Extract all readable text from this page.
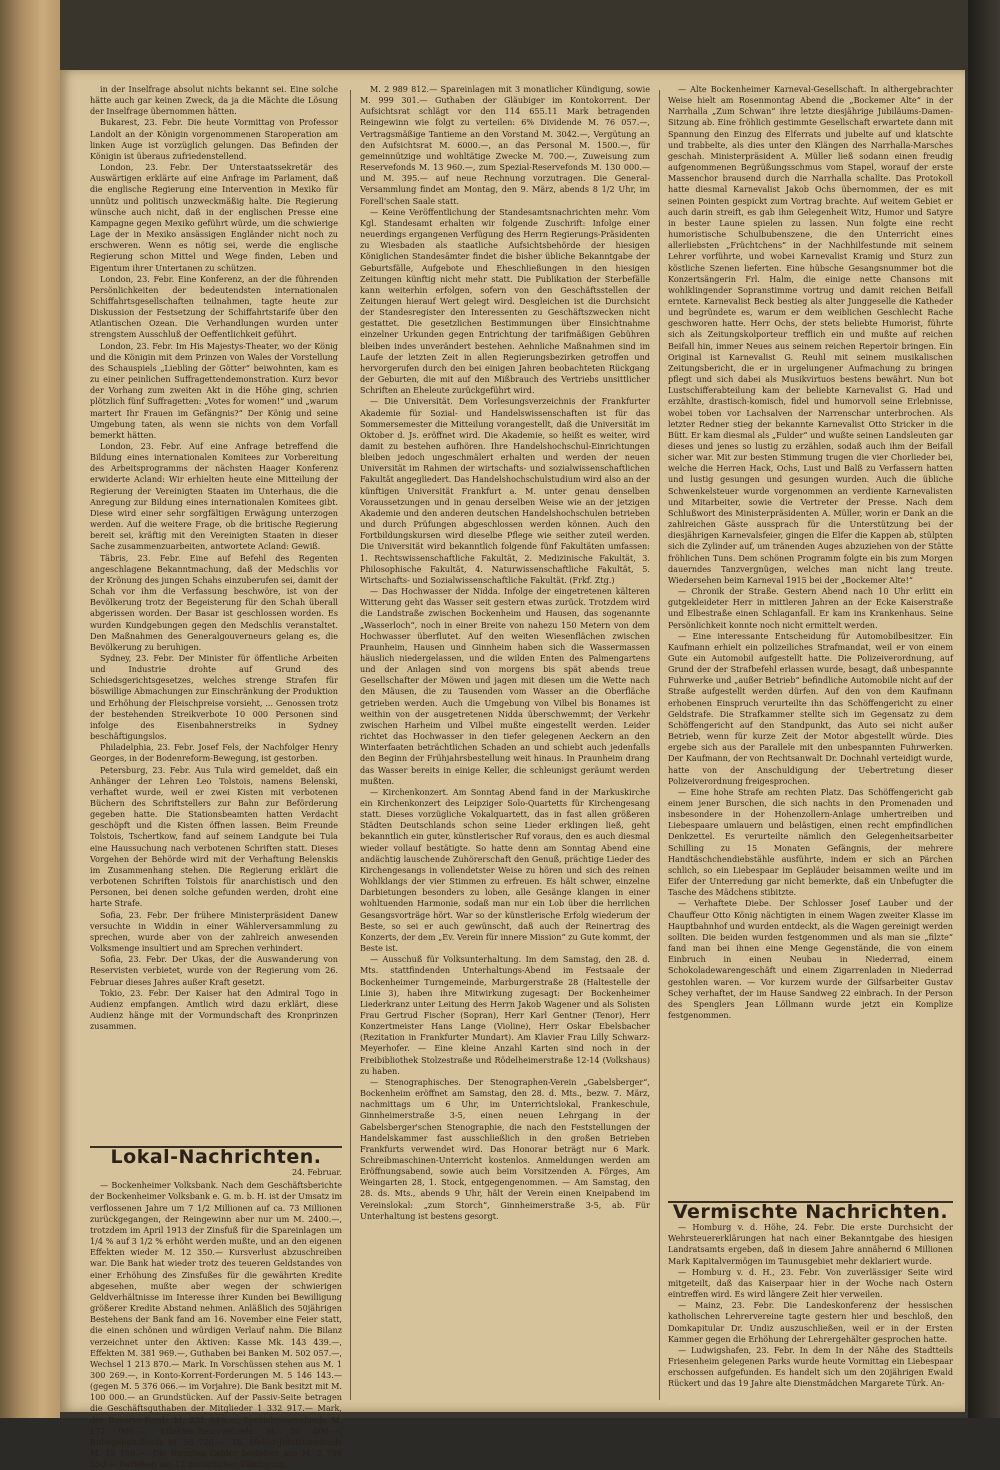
in der Inselfrage absolut nichts bekannt sei. Eine solche hätte auch gar keinen Zweck, da ja die Mächte die Lösung der Inselfrage übernommen hätten.

Bukarest, 23. Febr. Die heute Vormittag von Professor Landolt an der Königin vorgenommenen Staroperation am linken Auge ist vorzüglich gelungen. Das Befinden der Königin ist überaus zufriedenstellend.

London, 23. Febr. Der Unterstaatssekretär des Auswärtigen erklärte auf eine Anfrage im Parlament, daß die englische Regierung eine Intervention in Mexiko für unnütz und politisch unzweckmäßig halte. Die Regierung wünsche auch nicht, daß in der englischen Presse eine Kampagne gegen Mexiko geführt würde, um die schwierige Lage der in Mexiko ansässigen Engländer nicht noch zu erschweren. Wenn es nötig sei, werde die englische Regierung schon Mittel und Wege finden, Leben und Eigentum ihrer Untertanen zu schützen.

London, 23. Febr. Eine Konferenz, an der die führenden Persönlichkeiten der bedeutendsten internationalen Schiffahrtsgesellschaften teilnahmen, tagte heute zur Diskussion der Festsetzung der Schiffahrtstarife über den Atlantischen Ozean. Die Verhandlungen wurden unter strengstem Ausschluß der Oeffentlichkeit geführt.

London, 23. Febr. Im His Majestys-Theater, wo der König und die Königin mit dem Prinzen von Wales der Vorstellung des Schauspiels „Liebling der Götter“ beiwohnten, kam es zu einer peinlichen Suffragettendemonstration. Kurz bevor der Vorhang zum zweiten Akt in die Höhe ging, schrien plötzlich fünf Suffragetten: „Votes for women!“ und „warum martert Ihr Frauen im Gefängnis?“ Der König und seine Umgebung taten, als wenn sie nichts von dem Vorfall bemerkt hätten.

London, 23. Febr. Auf eine Anfrage betreffend die Bildung eines internationalen Komitees zur Vorbereitung des Arbeitsprogramms der nächsten Haager Konferenz erwiderte Acland: Wir erhielten heute eine Mitteilung der Regierung der Vereinigten Staaten im Unterhaus, die die Anregung zur Bildung eines internationalen Komitees gibt. Diese wird einer sehr sorgfältigen Erwägung unterzogen werden. Auf die weitere Frage, ob die britische Regierung bereit sei, kräftig mit den Vereinigten Staaten in dieser Sache zusammenzuarbeiten, antwortete Acland: Gewiß.

Täbris, 23. Febr. Eine auf Befehl des Regenten angeschlagene Bekanntmachung, daß der Medschlis vor der Krönung des jungen Schahs einzuberufen sei, damit der Schah vor ihm die Verfassung beschwöre, ist von der Bevölkerung trotz der Begeisterung für den Schah überall abgerissen worden. Der Basar ist geschlossen worden. Es wurden Kundgebungen gegen den Medschlis veranstaltet. Den Maßnahmen des Generalgouverneurs gelang es, die Bevölkerung zu beruhigen.

Sydney, 23. Febr. Der Minister für öffentliche Arbeiten und Industrie drohte auf Grund des Schiedsgerichtsgesetzes, welches strenge Strafen für böswillige Abmachungen zur Einschränkung der Produktion und Erhöhung der Fleischpreise vorsieht, ... Genossen trotz der bestehenden Streikverbote 10 000 Personen sind infolge des Eisenbahnerstreiks in Sydney beschäftigungslos.

Philadelphia, 23. Febr. Josef Fels, der Nachfolger Henry Georges, in der Bodenreform-Bewegung, ist gestorben.

Petersburg, 23. Febr. Aus Tula wird gemeldet, daß ein Anhänger der Lehren Leo Tolstois, namens Belenski, verhaftet wurde, weil er zwei Kisten mit verbotenen Büchern des Schriftstellers zur Bahn zur Beförderung gegeben hatte. Die Stationsbeamten hatten Verdacht geschöpft und die Kisten öffnen lassen. Beim Freunde Tolstois, Tschertkow, fand auf seinem Landgute bei Tula eine Haussuchung nach verbotenen Schriften statt. Dieses Vorgehen der Behörde wird mit der Verhaftung Belenskis im Zusammenhang stehen. Die Regierung erklärt die verbotenen Schriften Tolstois für anarchistisch und den Personen, bei denen solche gefunden werden, droht eine harte Strafe.

Sofia, 23. Febr. Der frühere Ministerpräsident Danew versuchte in Widdin in einer Wählerversammlung zu sprechen, wurde aber von der zahlreich anwesenden Volksmenge insultiert und am Sprechen verhindert.

Sofia, 23. Febr. Der Ukas, der die Auswanderung von Reservisten verbietet, wurde von der Regierung vom 26. Februar dieses Jahres außer Kraft gesetzt.

Tokio, 23. Febr. Der Kaiser hat den Admiral Togo in Audienz empfangen. Amtlich wird dazu erklärt, diese Audienz hänge mit der Vormundschaft des Kronprinzen zusammen.

Lokal-Nachrichten.
24. Februar.

— Bockenheimer Volksbank. Nach dem Geschäftsberichte der Bockenheimer Volksbank e. G. m. b. H. ist der Umsatz im verflossenen Jahre um 7 1/2 Millionen auf ca. 73 Millionen zurückgegangen, der Reingewinn aber nur um M. 2400.—, trotzdem im April 1913 der Zinsfuß für die Spareinlagen um 1/4 % auf 3 1/2 % erhöht werden mußte, und an den eigenen Effekten wieder M. 12 350.— Kursverlust abzuschreiben war. Die Bank hat wieder trotz des teueren Geldstandes von einer Erhöhung des Zinsfußes für die gewährten Kredite abgesehen, mußte aber wegen der schwierigen Geldverhältnisse im Interesse ihrer Kunden bei Bewilligung größerer Kredite Abstand nehmen. Anläßlich des 50jährigen Bestehens der Bank fand am 16. November eine Feier statt, die einen schönen und würdigen Verlauf nahm. Die Bilanz verzeichnet unter den Aktiven: Kasse Mk. 143 439.—, Effekten M. 381 969.—, Guthaben bei Banken M. 502 057.—, Wechsel 1 213 870.— Mark. In Vorschüssen stehen aus M. 1 300 269.—, in Konto-Korrent-Forderungen M. 5 146 143.— (gegen M. 5 376 066.— im Vorjahre). Die Bank besitzt mit M. 100 000.— an Grundstücken. Auf der Passiv-Seite betragen die Geschäftsguthaben der Mitglieder 1 332 917.— Mark, der Reserve-Fonds M. 231 040.—, Spezialreservefonds M. 172 000.—, Effekten-Reservefonds M. 20 000.—, Ruhegehaltsfonds M. 56 720.—, Th. Meller-Jubiläumsfonds M. 15 150.—. Die fremden Gelder bestehen aus M. 2 796 350.— Darlehen mit 12 monatlicher Kündigung,

M. 2 989 812.— Spareinlagen mit 3 monatlicher Kündigung, sowie M. 999 301.— Guthaben der Gläubiger im Kontokorrent. Der Aufsichtsrat schlägt vor den 114 655.11 Mark betragenden Reingewinn wie folgt zu verteilen: 6% Dividende M. 76 057.—, Vertragsmäßige Tantieme an den Vorstand M. 3042.—, Vergütung an den Aufsichtsrat M. 6000.—, an das Personal M. 1500.—, für gemeinnützige und wohltätige Zwecke M. 700.—, Zuweisung zum Reservefonds M. 13 960.—, zum Spezial-Reservefonds M. 130 000.— und M. 395.— auf neue Rechnung vorzutragen. Die General-Versammlung findet am Montag, den 9. März, abends 8 1/2 Uhr, im Forell'schen Saale statt.

— Keine Veröffentlichung der Standesamtsnachrichten mehr. Vom Kgl. Standesamt erhalten wir folgende Zuschrift: Infolge einer neuerdings ergangenen Verfügung des Herrn Regierungs-Präsidenten zu Wiesbaden als staatliche Aufsichtsbehörde der hiesigen Königlichen Standesämter findet die bisher übliche Bekanntgabe der Geburtsfälle, Aufgebote und Eheschließungen in den hiesigen Zeitungen künftig nicht mehr statt. Die Publikation der Sterbefälle kann weiterhin erfolgen, sofern von den Geschäftsstellen der Zeitungen hierauf Wert gelegt wird. Desgleichen ist die Durchsicht der Standesregister den Interessenten zu Geschäftszwecken nicht gestattet. Die gesetzlichen Bestimmungen über Einsichtnahme einzelner Urkunden gegen Entrichtung der tarifmäßigen Gebühren bleiben indes unverändert bestehen. Aehnliche Maßnahmen sind im Laufe der letzten Zeit in allen Regierungsbezirken getroffen und hervorgerufen durch den bei einigen Jahren beobachteten Rückgang der Geburten, die mit auf den Mißbrauch des Vertriebs unsittlicher Schriften an Eheleute zurückgeführt wird.

— Die Universität. Dem Vorlesungsverzeichnis der Frankfurter Akademie für Sozial- und Handelswissenschaften ist für das Sommersemester die Mitteilung vorangestellt, daß die Universität im Oktober d. Js. eröffnet wird. Die Akademie, so heißt es weiter, wird damit zu bestehen aufhören. Ihre Handelshochschul-Einrichtungen bleiben jedoch ungeschmälert erhalten und werden der neuen Universität im Rahmen der wirtschafts- und sozialwissenschaftlichen Fakultät angegliedert. Das Handelshochschulstudium wird also an der künftigen Universität Frankfurt a. M. unter genau denselben Voraussetzungen und in genau derselben Weise wie an der jetzigen Akademie und den anderen deutschen Handelshochschulen betrieben und durch Prüfungen abgeschlossen werden können. Auch den Fortbildungskursen wird dieselbe Pflege wie seither zuteil werden. Die Universität wird bekanntlich folgende fünf Fakultäten umfassen: 1. Rechtswissenschaftliche Fakultät, 2. Medizinische Fakultät, 3. Philosophische Fakultät, 4. Naturwissenschaftliche Fakultät, 5. Wirtschafts- und Sozialwissenschaftliche Fakultät. (Frkf. Ztg.)

— Das Hochwasser der Nidda. Infolge der eingetretenen kälteren Witterung geht das Wasser seit gestern etwas zurück. Trotzdem wird die Landstraße zwischen Bockenheim und Hausen, das sogenannte „Wasserloch“, noch in einer Breite von nahezu 150 Metern von dem Hochwasser überflutet. Auf den weiten Wiesenflächen zwischen Praunheim, Hausen und Ginnheim haben sich die Wassermassen häuslich niedergelassen, und die wilden Enten des Palmengartens und der Anlagen sind von morgens bis spät abends treue Gesellschafter der Möwen und jagen mit diesen um die Wette nach den Mäusen, die zu Tausenden vom Wasser an die Oberfläche getrieben werden. Auch die Umgebung von Vilbel bis Bonames ist weithin von der ausgetretenen Nidda überschwemmt; der Verkehr zwischen Harheim und Vilbel mußte eingestellt werden. Leider richtet das Hochwasser in den tiefer gelegenen Aeckern an den Winterfaaten beträchtlichen Schaden an und schiebt auch jedenfalls den Beginn der Frühjahrsbestellung weit hinaus. In Praunheim drang das Wasser bereits in einige Keller, die schleunigst geräumt werden mußten.

— Kirchenkonzert. Am Sonntag Abend fand in der Markuskirche ein Kirchenkonzert des Leipziger Solo-Quartetts für Kirchengesang statt. Dieses vorzügliche Vokalquartett, das in fast allen größeren Städten Deutschlands schon seine Lieder erklingen ließ, geht bekanntlich ein guter, künstlerischer Ruf voraus, den es auch diesmal wieder vollauf bestätigte. So hatte denn am Sonntag Abend eine andächtig lauschende Zuhörerschaft den Genuß, prächtige Lieder des Kirchengesangs in vollendetster Weise zu hören und sich des reinen Wohlklangs der vier Stimmen zu erfreuen. Es hält schwer, einzelne Darbietungen besonders zu loben, alle Gesänge klangen in einer wohltuenden Harmonie, sodaß man nur ein Lob über die herrlichen Gesangsvorträge hört. War so der künstlerische Erfolg wiederum der Beste, so sei er auch gewünscht, daß auch der Reinertrag des Konzerts, der dem „Ev. Verein für innere Mission“ zu Gute kommt, der Beste ist.

— Ausschuß für Volksunterhaltung. Im dem Samstag, den 28. d. Mts. stattfindenden Unterhaltungs-Abend im Festsaale der Bockenheimer Turngemeinde, Marburgerstraße 28 (Haltestelle der Linie 3), haben ihre Mitwirkung zugesagt: Der Bockenheimer Liederkranz unter Leitung des Herrn Jakob Wagener und als Solisten Frau Gertrud Fischer (Sopran), Herr Karl Gentner (Tenor), Herr Konzertmeister Hans Lange (Violine), Herr Oskar Ebelsbacher (Rezitation in Frankfurter Mundart). Am Klavier Frau Lilly Schwarz-Meyerhofer. — Eine kleine Anzahl Karten sind noch in der Freibibliothek Stolzestraße und Rödelheimerstraße 12-14 (Volkshaus) zu haben.

— Stenographisches. Der Stenographen-Verein „Gabelsberger“, Bockenheim eröffnet am Samstag, den 28. d. Mts., bezw. 7. März, nachmittags um 6 Uhr, im Unterrichtslokal, Frankeschule, Ginnheimerstraße 3-5, einen neuen Lehrgang in der Gabelsberger'schen Stenographie, die nach den Feststellungen der Handelskammer fast ausschließlich in den großen Betrieben Frankfurts verwendet wird. Das Honorar beträgt nur 6 Mark. Schreibmaschinen-Unterricht kostenlos. Anmeldungen werden am Eröffnungsabend, sowie auch beim Vorsitzenden A. Förges, Am Weingarten 28, 1. Stock, entgegengenommen. — Am Samstag, den 28. ds. Mts., abends 9 Uhr, hält der Verein einen Kneipabend im Vereinslokal: „zum Storch“, Ginnheimerstraße 3-5, ab. Für Unterhaltung ist bestens gesorgt.

— Alte Bockenheimer Karneval-Gesellschaft. In althergebrachter Weise hielt am Rosenmontag Abend die „Bockemer Alte“ in der Narrhalla „Zum Schwan“ ihre letzte diesjährige Jubiläums-Damen-Sitzung ab. Eine fröhlich gestimmte Gesellschaft erwartete dann mit Spannung den Einzug des Elferrats und jubelte auf und klatschte und trabbelte, als dies unter den Klängen des Narrhalla-Marsches geschah. Ministerpräsident A. Müller ließ sodann einen freudig aufgenommenen Begrüßungsschmus vom Stapel, worauf der erste Massenchor brausend durch die Narrhalla schallte. Das Protokoll hatte diesmal Karnevalist Jakob Ochs übernommen, der es mit seinen Pointen gespickt zum Vortrag brachte. Auf weitem Gebiet er auch darin streift, es gab ihm Gelegenheit Witz, Humor und Satyre in bester Laune spielen zu lassen. Nun folgte eine recht humoristische Schulbubenszene, die den Unterricht eines allerliebsten „Früchtchens“ in der Nachhilfestunde mit seinem Lehrer vorführte, und wobei Karnevalist Kramig und Sturz zun köstliche Szenen lieferten. Eine hübsche Gesangsnummer bot die Konzertsängerin Frl. Halm, die einige nette Chansons mit wohlklingender Sopranstimme vortrug und damit reichen Beifall erntete. Karnevalist Beck bestieg als alter Junggeselle die Katheder und begründete es, warum er dem weiblichen Geschlecht Rache geschworen hatte. Herr Ochs, der stets beliebte Humorist, führte sich als Zeitungskolporteur trefflich ein und mußte auf reichen Beifall hin, immer Neues aus seinem reichen Repertoir bringen. Ein Original ist Karnevalist G. Reuhl mit seinem musikalischen Zeitungsbericht, die er in urgelungener Aufmachung zu bringen pflegt und sich dabei als Musikvirtuos bestens bewährt. Nun bot Lustschifferabteilung kam der beliebte Karnevalist G. Had und erzählte, drastisch-komisch, fidel und humorvoll seine Erlebnisse, wobei toben vor Lachsalven der Narrenschar unterbrochen. Als letzter Redner stieg der bekannte Karnevalist Otto Stricker in die Bütt. Er kam diesmal als „Fulder“ und wußte seinen Landsleuten gar dieses und jenes so lustig zu erzählen, sodaß auch ihm der Beifall sicher war. Mit zur besten Stimmung trugen die vier Chorlieder bei, welche die Herren Hack, Ochs, Lust und Balß zu Verfassern hatten und lustig gesungen und gesungen wurden. Auch die übliche Schwenkelsteuer wurde vorgenommen an verdiente Karnevalisten und Mitarbeiter, sowie die Vertreter der Presse. Nach dem Schlußwort des Ministerpräsidenten A. Müller, worin er Dank an die zahlreichen Gäste aussprach für die Unterstützung bei der diesjährigen Karnevalsfeier, gingen die Elfer die Kappen ab, stülpten sich die Zylinder auf, um tränenden Auges abzuziehen von der Stätte fröhlichen Tuns. Dem schönen Programm folgte ein bis zum Morgen dauerndes Tanzvergnügen, welches man nicht lang treute. Wiedersehen beim Karneval 1915 bei der „Bockemer Alte!“

— Chronik der Straße. Gestern Abend nach 10 Uhr erlitt ein gutgekleideter Herr in mittleren Jahren an der Ecke Kaiserstraße und Elbestraße einen Schlaganfall. Er kam ins Krankenhaus. Seine Persönlichkeit konnte noch nicht ermittelt werden.

— Eine interessante Entscheidung für Automobilbesitzer. Ein Kaufmann erhielt ein polizeiliches Strafmandat, weil er von einem Gute ein Automobil aufgestellt hatte. Die Polizeiverordnung, auf Grund der der Strafbefehl erlassen wurde, besagt, daß unbespannte Fuhrwerke und „außer Betrieb“ befindliche Automobile nicht auf der Straße aufgestellt werden dürfen. Auf den von dem Kaufmann erhobenen Einspruch verurteilte ihn das Schöffengericht zu einer Geldstrafe. Die Strafkammer stellte sich im Gegensatz zu dem Schöffengericht auf den Standpunkt, das Auto sei nicht außer Betrieb, wenn für kurze Zeit der Motor abgestellt würde. Dies ergebe sich aus der Parallele mit den unbespannten Fuhrwerken. Der Kaufmann, der von Rechtsanwalt Dr. Dochnahl verteidigt wurde, hatte von der Anschuldigung der Uebertretung dieser Polizeiverordnung freigesprochen.

— Eine hohe Strafe am rechten Platz. Das Schöffengericht gab einem jener Burschen, die sich nachts in den Promenaden und insbesondere in der Hohenzollern-Anlage umhertreiben und Liebespaare umlauern und belästigen, einen recht empfindlichen Denkzettel. Es verurteilte nämlich den Gelegenheitsarbeiter Schilling zu 15 Monaten Gefängnis, der mehrere Handtäschchendiebstähle ausführte, indem er sich an Pärchen schlich, so ein Liebespaar im Gepläuder beisammen weilte und im Eifer der Unterredung gar nicht bemerkte, daß ein Unbefugter die Tasche des Mädchens stibitzte.

— Verhaftete Diebe. Der Schlosser Josef Lauber und der Chauffeur Otto König nächtigten in einem Wagen zweiter Klasse im Hauptbahnhof und wurden entdeckt, als die Wagen gereinigt werden sollten. Die beiden wurden festgenommen und als man sie „filzte“ fand man bei ihnen eine Menge Gegenstände, die von einem Einbruch in einen Neubau in Niederrad, einem Schokoladewarengeschäft und einem Zigarrenladen in Niederrad gestohlen waren. — Vor kurzem wurde der Gilfsarbeiter Gustav Schey verhaftet, der im Hause Sandweg 22 einbrach. In der Person des Spenglers Jean Löllmann wurde jetzt ein Komplize festgenommen.

Vermischte Nachrichten.

— Homburg v. d. Höhe, 24. Febr. Die erste Durchsicht der Wehrsteuererklärungen hat nach einer Bekanntgabe des hiesigen Landratsamts ergeben, daß in diesem Jahre annähernd 6 Millionen Mark Kapitalvermögen im Taunusgebiet mehr deklariert wurde.

— Homburg v. d. H., 23. Febr. Von zuverlässiger Seite wird mitgeteilt, daß das Kaiserpaar hier in der Woche nach Ostern eintreffen wird. Es wird längere Zeit hier verweilen.

— Mainz, 23. Febr. Die Landeskonferenz der hessischen katholischen Lehrervereine tagte gestern hier und beschloß, den Domkapitular Dr. Undiz auszuschließen, weil er in der Ersten Kammer gegen die Erhöhung der Lehrergehälter gesprochen hatte.

— Ludwigshafen, 23. Febr. In dem In der Nähe des Stadtteils Friesenheim gelegenen Parks wurde heute Vormittag ein Liebespaar erschossen aufgefunden. Es handelt sich um den 20jährigen Ewald Rückert und das 19 Jahre alte Dienstmädchen Margarete Türk. An-
